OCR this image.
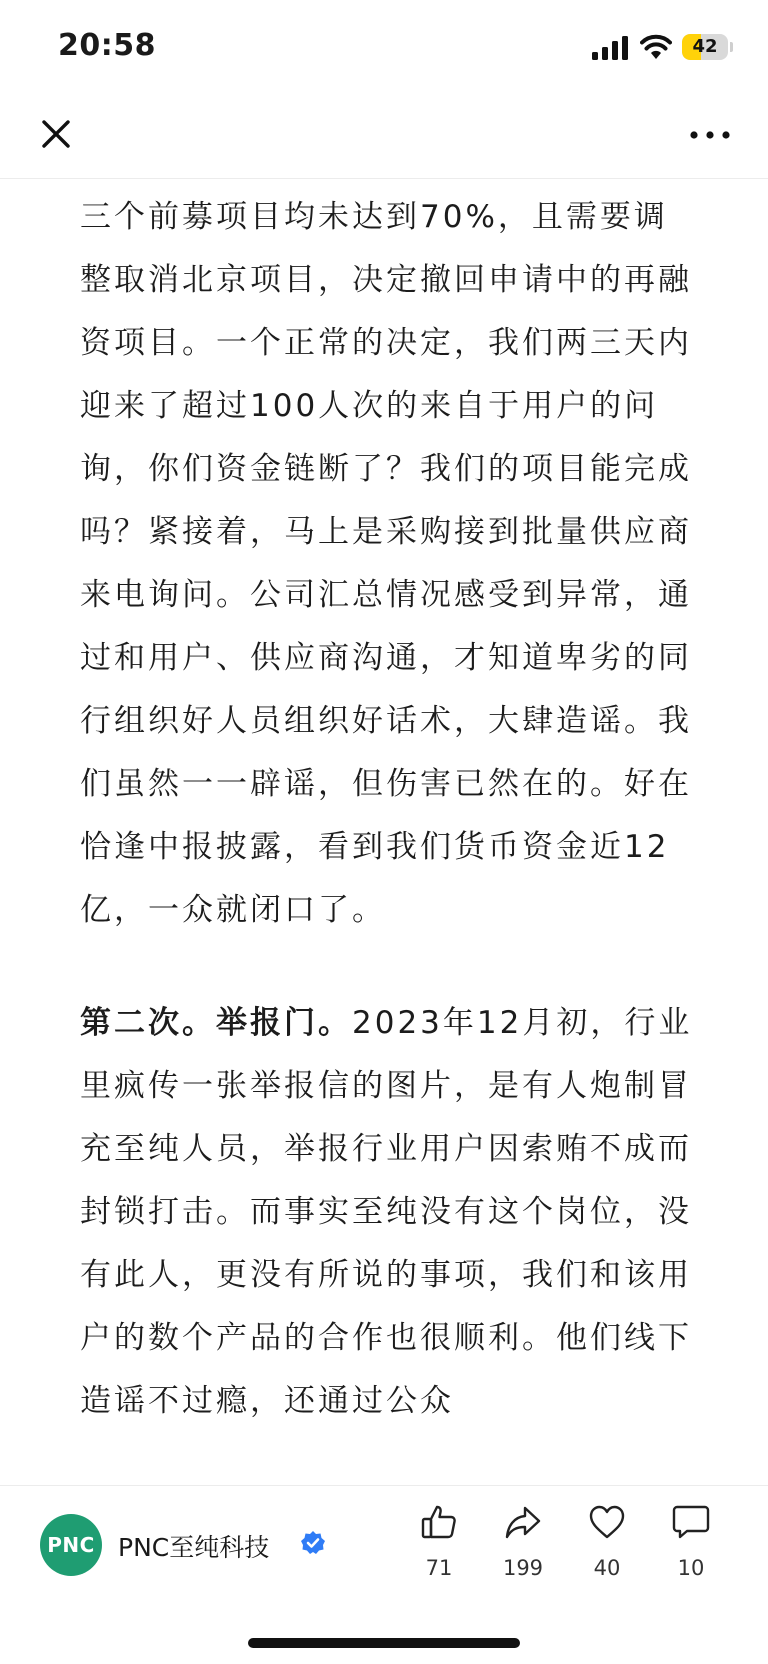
20:58	42

三个前募项目均未达到70%，且需要调整取消北京项目，决定撤回申请中的再融资项目。一个正常的决定，我们两三天内迎来了超过100人次的来自于用户的问询，你们资金链断了？我们的项目能完成吗？紧接着，马上是采购接到批量供应商来电询问。公司汇总情况感受到异常，通过和用户、供应商沟通，才知道卑劣的同行组织好人员组织好话术，大肆造谣。我们虽然一一辟谣，但伤害已然在的。好在恰逢中报披露，看到我们货币资金近12亿，一众就闭口了。

第二次。举报门。2023年12月初，行业里疯传一张举报信的图片，是有人炮制冒充至纯人员，举报行业用户因索贿不成而封锁打击。而事实至纯没有这个岗位，没有此人，更没有所说的事项，我们和该用户的数个产品的合作也很顺利。他们线下造谣不过瘾，还通过公众

PNC PNC至纯科技
71	199	40	10
